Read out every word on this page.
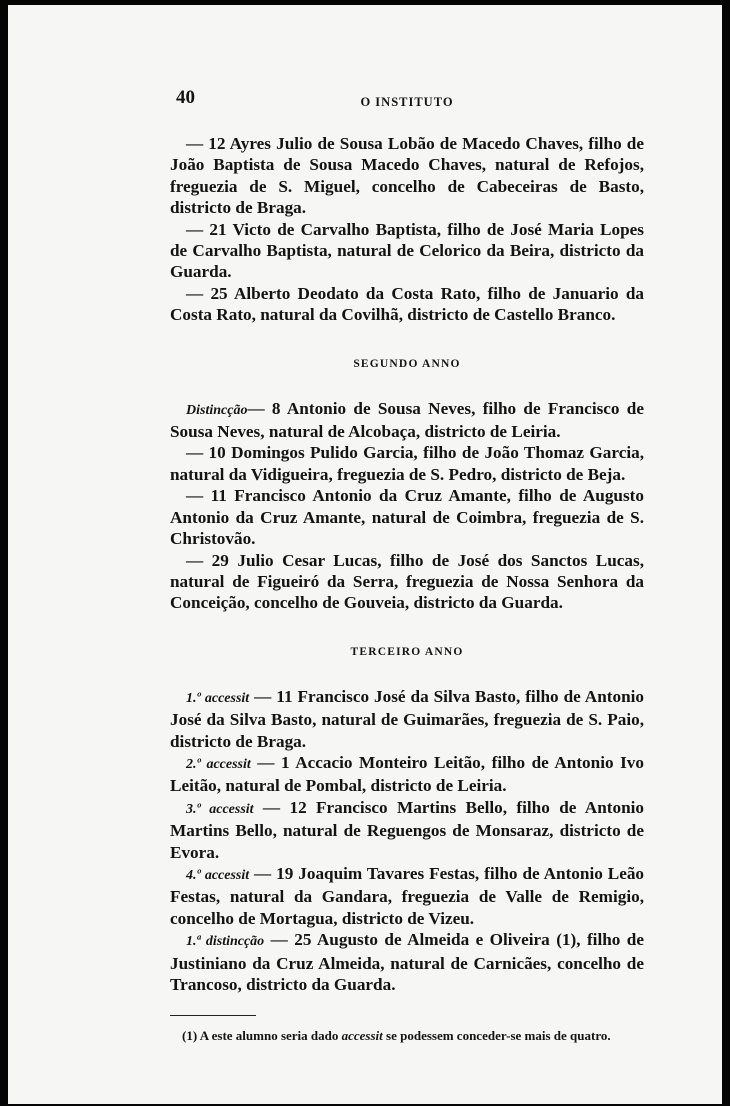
40	O INSTITUTO

— 12 Ayres Julio de Sousa Lobão de Macedo Chaves, filho de João Baptista de Sousa Macedo Chaves, natural de Refojos, freguezia de S. Miguel, concelho de Cabeceiras de Basto, districto de Braga.

— 21 Victo de Carvalho Baptista, filho de José Maria Lopes de Carvalho Baptista, natural de Celorico da Beira, districto da Guarda.

— 25 Alberto Deodato da Costa Rato, filho de Januario da Costa Rato, natural da Covilhã, districto de Castello Branco.

SEGUNDO ANNO

Distincção— 8 Antonio de Sousa Neves, filho de Francisco de Sousa Neves, natural de Alcobaça, districto de Leiria.

— 10 Domingos Pulido Garcia, filho de João Thomaz Garcia, natural da Vidigueira, freguezia de S. Pedro, districto de Beja.

— 11 Francisco Antonio da Cruz Amante, filho de Augusto Antonio da Cruz Amante, natural de Coimbra, freguezia de S. Christovão.

— 29 Julio Cesar Lucas, filho de José dos Sanctos Lucas, natural de Figueiró da Serra, freguezia de Nossa Senhora da Conceição, concelho de Gouveia, districto da Guarda.

TERCEIRO ANNO

1.º accessit — 11 Francisco José da Silva Basto, filho de Antonio José da Silva Basto, natural de Guimarães, freguezia de S. Paio, districto de Braga.

2.º accessit — 1 Accacio Monteiro Leitão, filho de Antonio Ivo Leitão, natural de Pombal, districto de Leiria.

3.º accessit — 12 Francisco Martins Bello, filho de Antonio Martins Bello, natural de Reguengos de Monsaraz, districto de Evora.

4.º accessit — 19 Joaquim Tavares Festas, filho de Antonio Leão Festas, natural da Gandara, freguezia de Valle de Remigio, concelho de Mortagua, districto de Vizeu.

1.ª distincção — 25 Augusto de Almeida e Oliveira (1), filho de Justiniano da Cruz Almeida, natural de Carnicães, concelho de Trancoso, districto da Guarda.

(1) A este alumno seria dado accessit se podessem conceder-se mais de quatro.
